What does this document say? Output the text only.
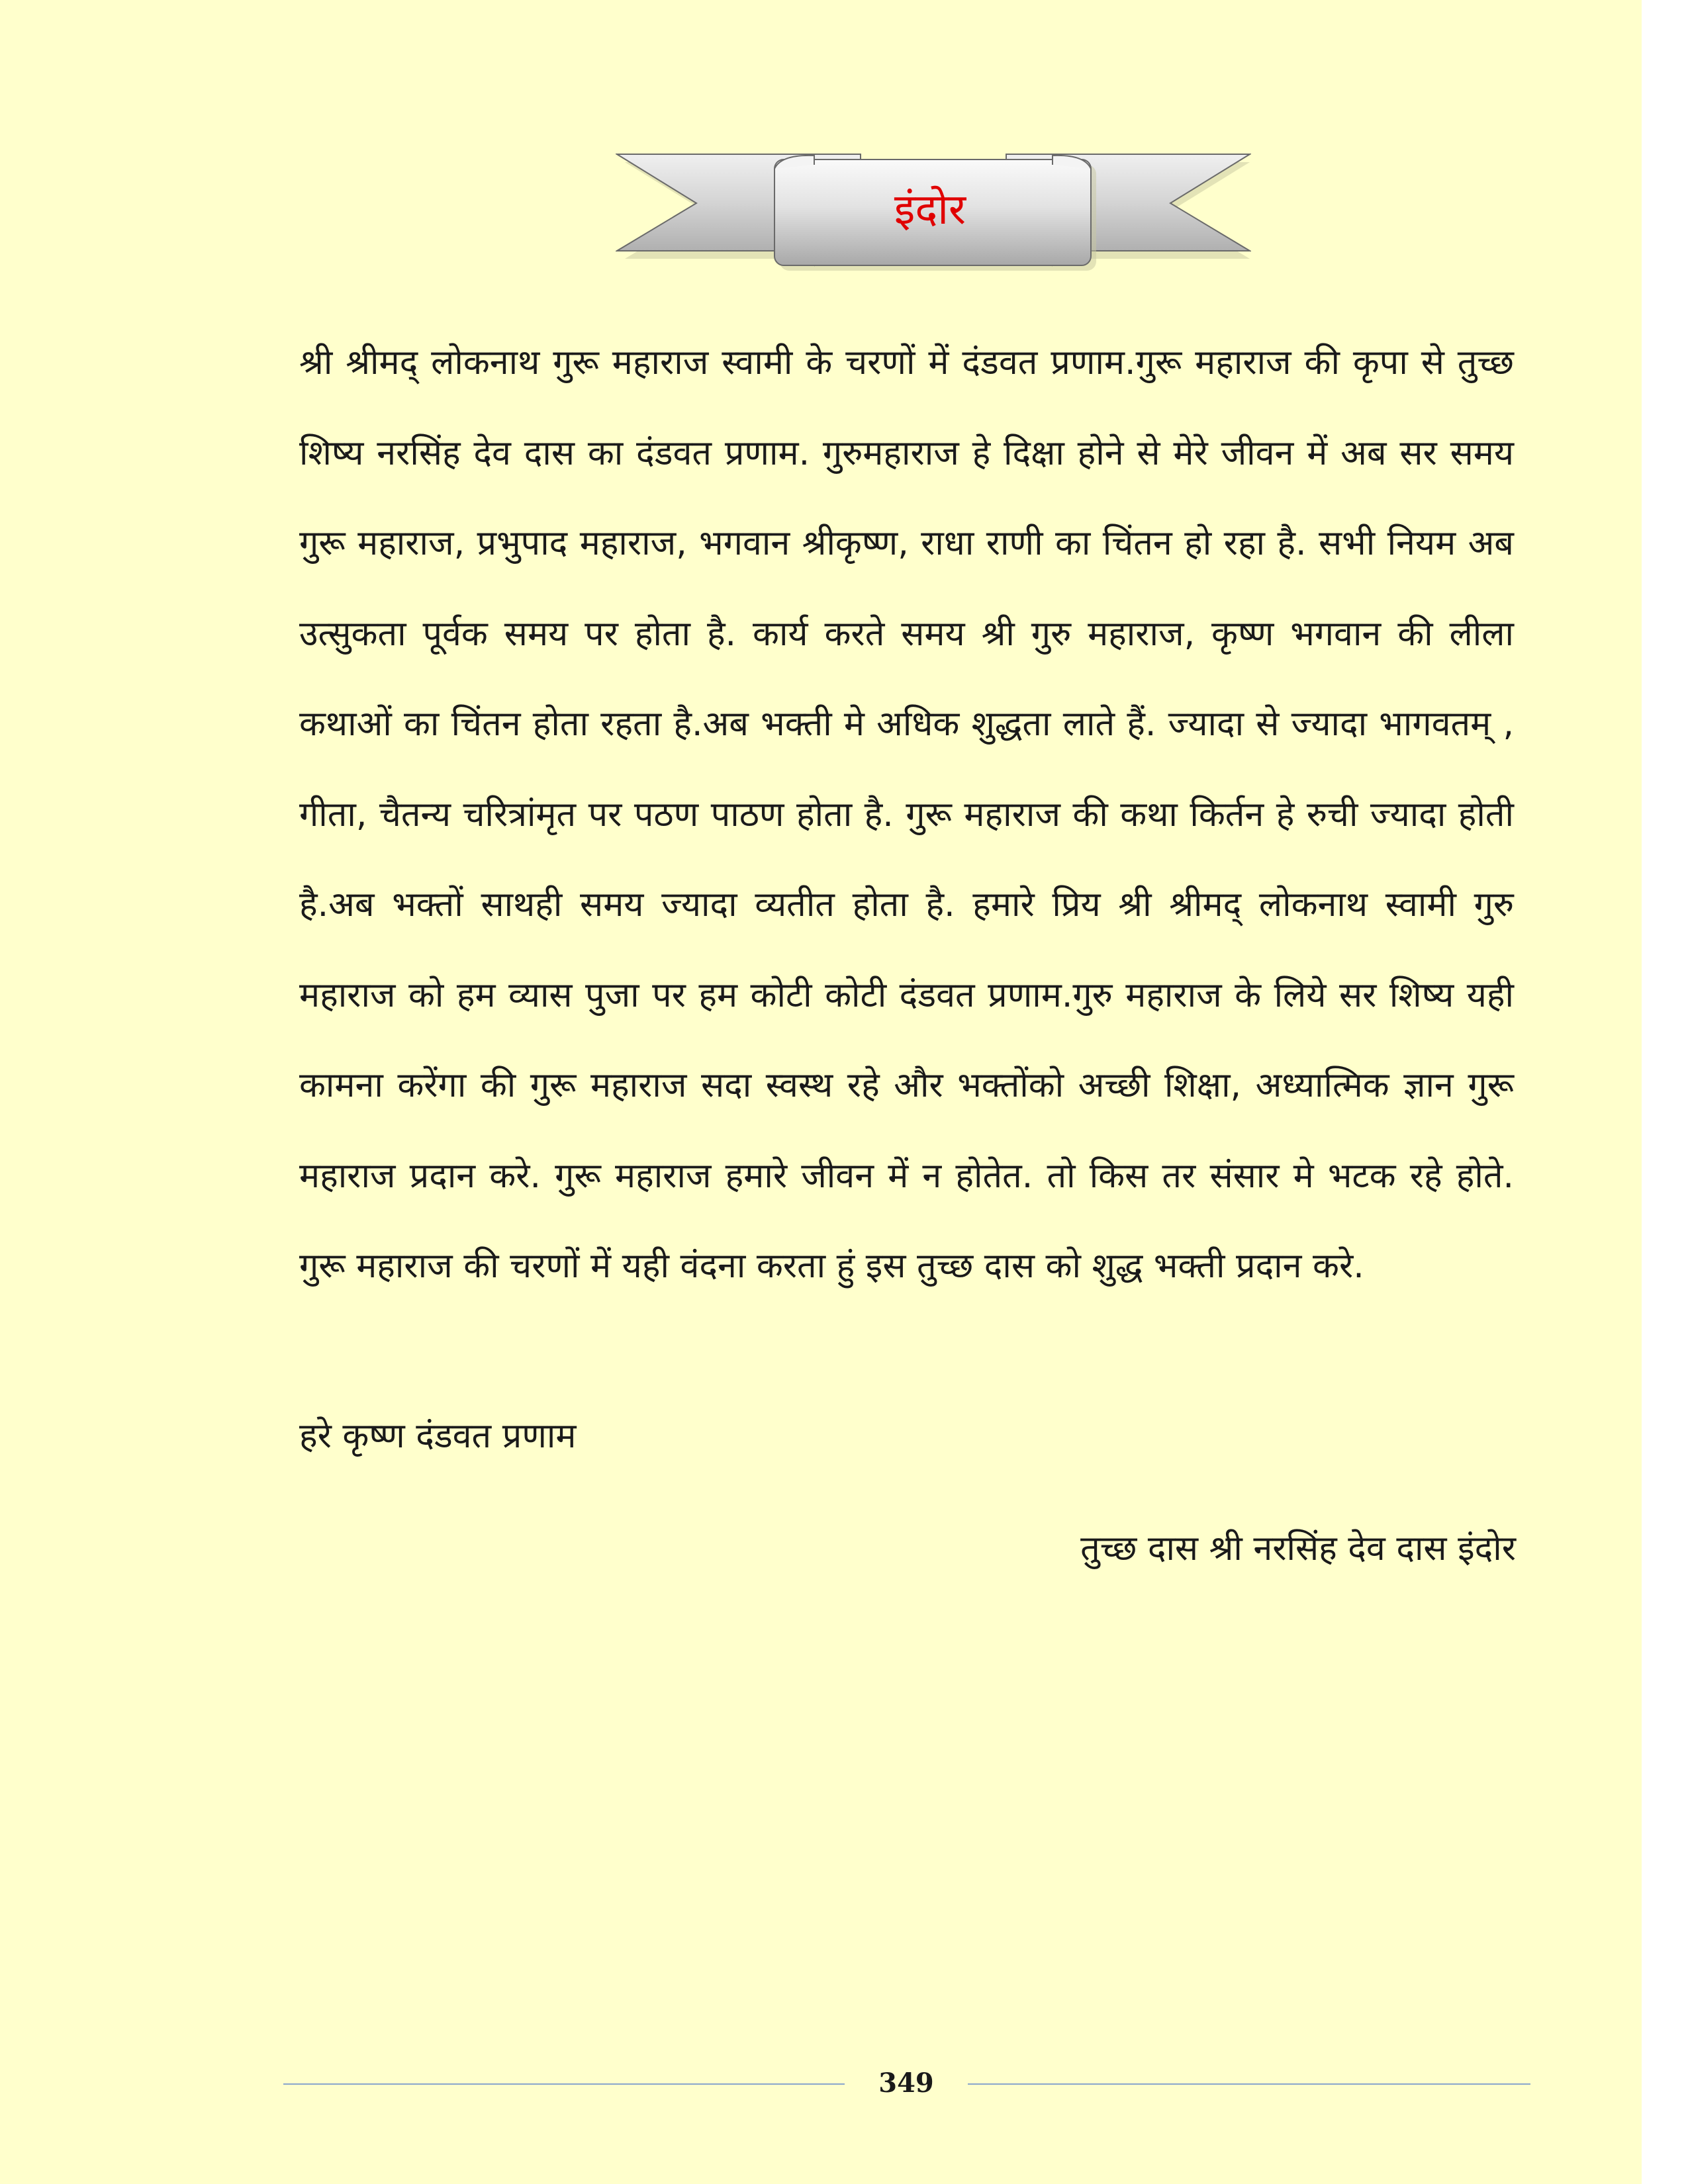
इंदोर

श्री श्रीमद् लोकनाथ गुरू महाराज स्वामी के चरणों में दंडवत प्रणाम.गुरू महाराज की कृपा से तुच्छ शिष्य नरसिंह देव दास का दंडवत प्रणाम. गुरुमहाराज हे दिक्षा होने से मेरे जीवन में अब सर समय गुरू महाराज, प्रभुपाद महाराज, भगवान श्रीकृष्ण, राधा राणी का चिंतन हो रहा है. सभी नियम अब उत्सुकता पूर्वक समय पर होता है. कार्य करते समय श्री गुरु महाराज, कृष्ण भगवान की लीला कथाओं का चिंतन होता रहता है.अब भक्ती मे अधिक शुद्धता लाते हैं. ज्यादा से ज्यादा भागवतम् , गीता, चैतन्य चरित्रांमृत पर पठण पाठण होता है. गुरू महाराज की कथा किर्तन हे रुची ज्यादा होती है.अब भक्तों साथही समय ज्यादा व्यतीत होता है. हमारे प्रिय श्री श्रीमद् लोकनाथ स्वामी गुरु महाराज को हम व्यास पुजा पर हम कोटी कोटी दंडवत प्रणाम.गुरु महाराज के लिये सर शिष्य यही कामना करेंगा की गुरू महाराज सदा स्वस्थ रहे और भक्तोंको अच्छी शिक्षा, अध्यात्मिक ज्ञान गुरू महाराज प्रदान करे. गुरू महाराज हमारे जीवन में न होतेत. तो किस तर संसार मे भटक रहे होते. गुरू महाराज की चरणों में यही वंदना करता हुं इस तुच्छ दास को शुद्ध भक्ती प्रदान करे.

हरे कृष्ण दंडवत प्रणाम

तुच्छ दास श्री नरसिंह देव दास इंदोर

349
